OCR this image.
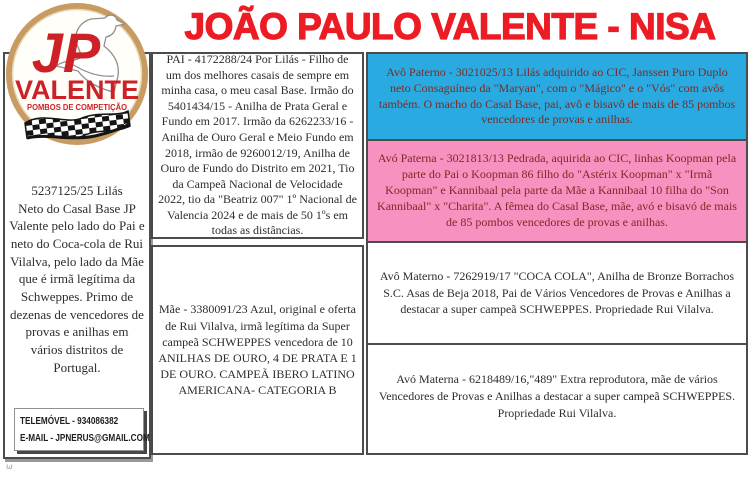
JOÃO PAULO VALENTE - NISA
JP
VALENTE
POMBOS DE COMPETIÇÃO
5237125/25 Lilás
Neto do Casal Base JP Valente pelo lado do Pai e neto do Coca-cola de Rui Vilalva, pelo lado da Mãe que é irmã legítima da Schweppes. Primo de dezenas de vencedores de provas e anilhas em vários distritos de Portugal.
TELEMÓVEL - 934086382
E-MAIL - JPNERUS@GMAIL.COM
ω

PAI - 4172288/24 Por Lilás - Filho de um dos melhores casais de sempre em minha casa, o meu casal Base. Irmão do 5401434/15 - Anilha de Prata Geral e Fundo em 2017. Irmão da 6262233/16 - Anilha de Ouro Geral e Meio Fundo em 2018, irmão de 9260012/19, Anilha de Ouro de Fundo do Distrito em 2021, Tio da Campeã Nacional de Velocidade 2022, tio da "Beatriz 007" 1º Nacional de Valencia 2024 e de mais de 50 1ºs em todas as distâncias.

Mãe - 3380091/23 Azul, original e oferta de Rui Vilalva, irmã legítima da Super campeã SCHWEPPES vencedora de 10 ANILHAS DE OURO, 4 DE PRATA E 1 DE OURO. CAMPEÃ IBERO LATINO AMERICANA- CATEGORIA B

Avô Paterno - 3021025/13 Lilás adquirido ao CIC, Janssen Puro Duplo neto Consaguíneo da "Maryan", com o "Mágico" e o "Vós" com avôs também. O macho do Casal Base, pai, avô e bisavô de mais de 85 pombos vencedores de provas e anilhas.

Avó Paterna - 3021813/13 Pedrada, aquirida ao CIC, linhas Koopman pela parte do Pai o Koopman 86 filho do "Astérix Koopman" x "Irmã Koopman" e Kannibaal pela parte da Mãe a Kannibaal 10 filha do "Son Kannibaal" x "Charita". A fêmea do Casal Base, mãe, avó e bisavó de mais de 85 pombos vencedores de provas e anilhas.

Avô Materno - 7262919/17 "COCA COLA", Anilha de Bronze Borrachos S.C. Asas de Beja 2018, Pai de Vários Vencedores de Provas e Anilhas a destacar a super campeã SCHWEPPES. Propriedade Rui Vilalva.

Avó Materna - 6218489/16,"489" Extra reprodutora, mãe de vários Vencedores de Provas e Anilhas a destacar a super campeã SCHWEPPES. Propriedade Rui Vilalva.
